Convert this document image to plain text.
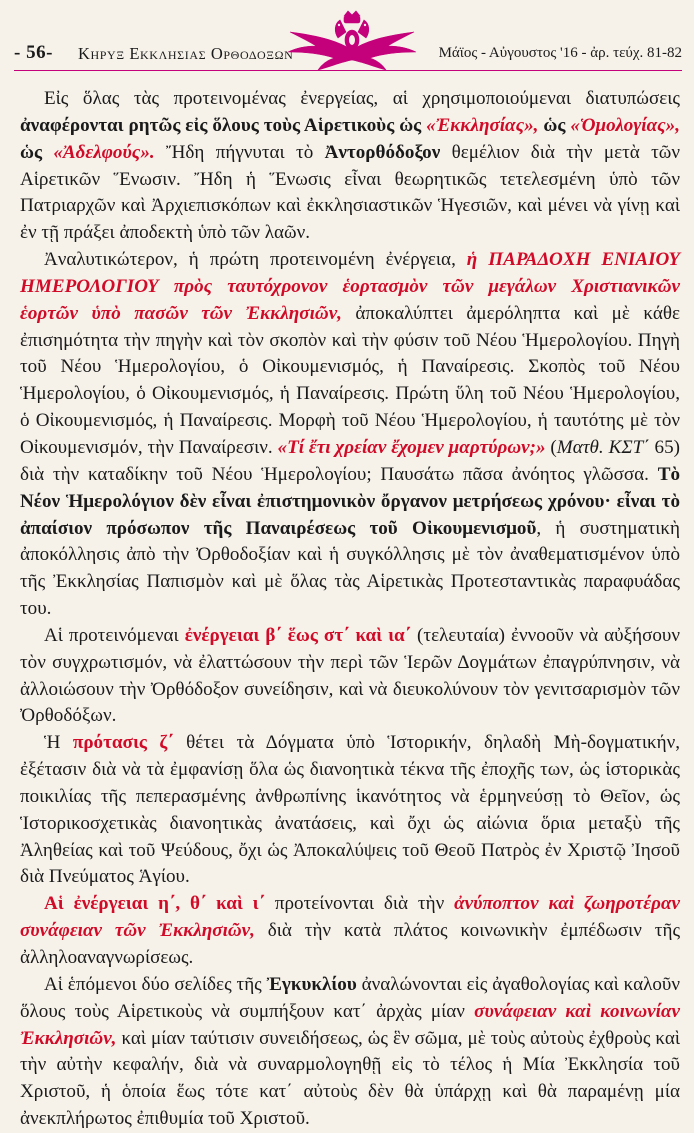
- 56- Κηρυξ Εκκλησιας Ορθοδοξων	Μάϊος - Αὐγουστος '16 - ἀρ. τεύχ. 81-82

Εἰς ὅλας τὰς προτεινομένας ἐνεργείας, αἱ χρησιμοποιούμεναι διατυπώσεις ἀναφέρονται ρητῶς εἰς ὅλους τοὺς Αἱρετικοὺς ὡς «Ἐκκλησίας», ὡς «Ὁμολογίας», ὡς «Ἀδελφούς». Ἤδη πήγνυται τὸ Ἀντορθόδοξον θεμέλιον διὰ τὴν μετὰ τῶν Αἱρετικῶν Ἕνωσιν. Ἤδη ἡ Ἕνωσις εἶναι θεωρητικῶς τετελεσμένη ὑπὸ τῶν Πατριαρχῶν καὶ Ἀρχιεπισκόπων καὶ ἐκκλησιαστικῶν Ἡγεσιῶν, καὶ μένει νὰ γίνῃ καὶ ἐν τῇ πράξει ἀποδεκτὴ ὑπὸ τῶν λαῶν.

Ἀναλυτικώτερον, ἡ πρώτη προτεινομένη ἐνέργεια, ἡ ΠΑΡΑΔΟΧΗ ΕΝΙΑΙΟΥ ΗΜΕΡΟΛΟΓΙΟΥ πρὸς ταυτόχρονον ἑορτασμὸν τῶν μεγάλων Χριστιανικῶν ἑορτῶν ὑπὸ πασῶν τῶν Ἐκκλησιῶν, ἀποκαλύπτει ἀμερόληπτα καὶ μὲ κάθε ἐπισημότητα τὴν πηγὴν καὶ τὸν σκοπὸν καὶ τὴν φύσιν τοῦ Νέου Ἡμερολογίου. Πηγὴ τοῦ Νέου Ἡμερολογίου, ὁ Οἰκουμενισμός, ἡ Παναίρεσις. Σκοπὸς τοῦ Νέου Ἡμερολογίου, ὁ Οἰκουμενισμός, ἡ Παναίρεσις. Πρώτη ὕλη τοῦ Νέου Ἡμερολογίου, ὁ Οἰκουμενισμός, ἡ Παναίρεσις. Μορφὴ τοῦ Νέου Ἡμερολογίου, ἡ ταυτότης μὲ τὸν Οἰκουμενισμόν, τὴν Παναίρεσιν. «Τί ἔτι χρείαν ἔχομεν μαρτύρων;» (Ματθ. ΚΣΤ΄ 65) διὰ τὴν καταδίκην τοῦ Νέου Ἡμερολογίου; Παυσάτω πᾶσα ἀνόητος γλῶσσα. Τὸ Νέον Ἡμερολόγιον δὲν εἶναι ἐπιστημονικὸν ὄργανον μετρήσεως χρόνου· εἶναι τὸ ἀπαίσιον πρόσωπον τῆς Παναιρέσεως τοῦ Οἰκουμενισμοῦ, ἡ συστηματικὴ ἀποκόλλησις ἀπὸ τὴν Ὀρθοδοξίαν καὶ ἡ συγκόλλησις μὲ τὸν ἀναθεματισμένον ὑπὸ τῆς Ἐκκλησίας Παπισμὸν καὶ μὲ ὅλας τὰς Αἱρετικὰς Προτεσταντικὰς παραφυάδας του.

Αἱ προτεινόμεναι ἐνέργειαι β΄ ἕως στ΄ καὶ ια΄ (τελευταία) ἐννοοῦν νὰ αὐξήσουν τὸν συγχρωτισμόν, νὰ ἐλαττώσουν τὴν περὶ τῶν Ἱερῶν Δογμάτων ἐπαγρύπνησιν, νὰ ἀλλοιώσουν τὴν Ὀρθόδοξον συνείδησιν, καὶ νὰ διευκολύνουν τὸν γενιτσαρισμὸν τῶν Ὀρθοδόξων.

Ἡ πρότασις ζ΄ θέτει τὰ Δόγματα ὑπὸ Ἱστορικήν, δηλαδὴ Μὴ-δογματικήν, ἐξέτασιν διὰ νὰ τὰ ἐμφανίσῃ ὅλα ὡς διανοητικὰ τέκνα τῆς ἐποχῆς των, ὡς ἱστορικὰς ποικιλίας τῆς πεπερασμένης ἀνθρωπίνης ἱκανότητος νὰ ἑρμηνεύσῃ τὸ Θεῖον, ὡς Ἱστορικοσχετικὰς διανοητικὰς ἀνατάσεις, καὶ ὄχι ὡς αἰώνια ὅρια μεταξὺ τῆς Ἀληθείας καὶ τοῦ Ψεύδους, ὄχι ὡς Ἀποκαλύψεις τοῦ Θεοῦ Πατρὸς ἐν Χριστῷ Ἰησοῦ διὰ Πνεύματος Ἁγίου.

Αἱ ἐνέργειαι η΄, θ΄ καὶ ι΄ προτείνονται διὰ τὴν ἀνύποπτον καὶ ζωηροτέραν συνάφειαν τῶν Ἐκκλησιῶν, διὰ τὴν κατὰ πλάτος κοινωνικὴν ἐμπέδωσιν τῆς ἀλληλοαναγνωρίσεως.

Αἱ ἑπόμενοι δύο σελίδες τῆς Ἐγκυκλίου ἀναλώνονται εἰς ἀγαθολογίας καὶ καλοῦν ὅλους τοὺς Αἱρετικοὺς νὰ συμπήξουν κατ΄ ἀρχὰς μίαν συνάφειαν καὶ κοινωνίαν Ἐκκλησιῶν, καὶ μίαν ταύτισιν συνειδήσεως, ὡς ἓν σῶμα, μὲ τοὺς αὐτοὺς ἐχθροὺς καὶ τὴν αὐτὴν κεφαλήν, διὰ νὰ συναρμολογηθῇ εἰς τὸ τέλος ἡ Μία Ἐκκλησία τοῦ Χριστοῦ, ἡ ὁποία ἕως τότε κατ΄ αὐτοὺς δὲν θὰ ὑπάρχῃ καὶ θὰ παραμένῃ μία ἀνεκπλήρωτος ἐπιθυμία τοῦ Χριστοῦ.
